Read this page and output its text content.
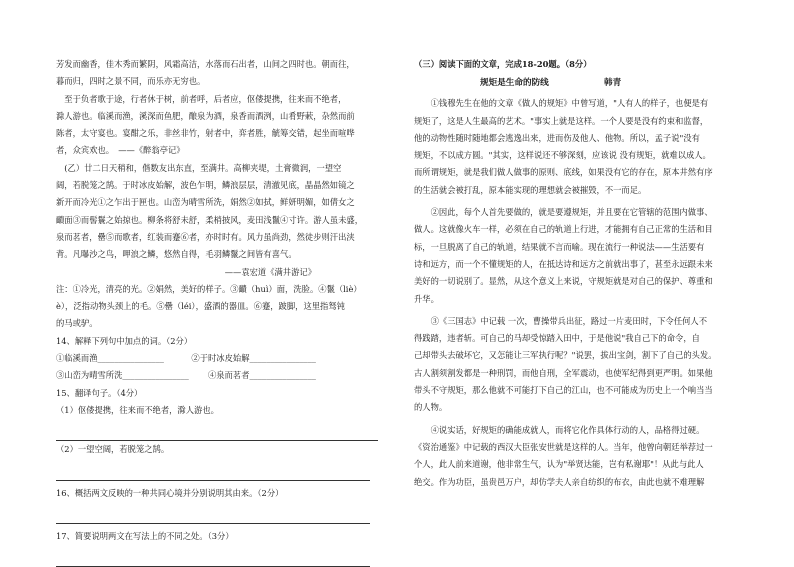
芳发而幽香，佳木秀而繁阴，风霜高洁，水落而石出者，山间之四时也。朝而往，
暮而归，四时之景不同，而乐亦无穷也。
　至于负者歌于途，行者休于树，前者呼，后者应，伛偻提携，往来而不绝者，
滁人游也。临溪而渔，溪深而鱼肥，酿泉为酒，泉香而酒洌，山肴野蔌，杂然而前
陈者，太守宴也。宴酣之乐，非丝非竹，射者中，弈者胜，觥筹交错，起坐而喧哗
者，众宾欢也。　——《醉翁亭记》
　(乙）廿二日天稍和，偕数友出东直，至满井。高柳夹堤，土膏微润，一望空
阔，若脱笼之鹄。于时冰皮始解，波色乍明，鳞浪层层，清澈见底，晶晶然如镜之
新开而冷光①之乍出于匣也。山峦为晴雪所洗，娟然②如拭，鲜妍明媚，如倩女之
靧面③而髻鬟之始掠也。柳条将舒未舒，柔梢披风，麦田浅鬣④寸许。游人虽未盛，
泉而茗者，罍⑤而歌者，红装而蹇⑥者，亦时时有。风力虽尚劲，然徒步则汗出浃
背。凡曝沙之鸟，呷浪之鳞，悠然自得，毛羽鳞鬣之间皆有喜气。
——袁宏道《满井游记》
注：①冷光，清亮的光。②娟然，美好的样子。③靧（huì）面，洗脸。④鬣（liè）
è），泛指动物头颈上的毛。⑤罍（léi），盛酒的器皿。⑥蹇，跛脚，这里指驽钝
的马或驴。
14、解释下列句中加点的词。（2分）
①临溪而渔________________　　　	②于时冰皮始解________________
③山峦为晴雪所洗________________　　 ④泉而茗者________________
15、翻译句子。（4分）
（1）伛偻提携，往来而不绝者，滁人游也。
（2）一望空阔，若脱笼之鹄。
16、概括两文反映的一种共同心境并分别说明其由来。（2分）
17、简要说明两文在写法上的不同之处。（3分）
（三）阅读下面的文章，完成18-20题。（8分）
规矩是生命的防线	韩青
　　①钱穆先生在他的文章《做人的规矩》中曾写道，"人有人的样子，也便是有
规矩了，这是人生最高的艺术。"事实上就是这样。一个人要是没有约束和监督，
他的动物性随时随地都会逃逸出来，进而伤及他人、他物。所以，孟子说"没有
规矩，不以成方圆。"其实，这样说还不够深刻，应该说 没有规矩，就难以成人。
而所谓规矩，就是我们做人做事的原则、底线，如果没有它的存在，原本井然有序
的生活就会被打乱，原本能实现的理想就会被摧毁，不一而足。
　　②因此，每个人首先要做的，就是要遵规矩，并且要在它管辖的范围内做事、
做人。这就像火车一样，必须在自己的轨道上行进，才能拥有自己正常的生活和目
标，一旦脱离了自己的轨道，结果就不言而喻。现在流行一种说法——生活要有
诗和远方，而一个不懂规矩的人，在抵达诗和远方之前就出事了，甚至永远跟未来
美好的一切说别了。显然，从这个意义上来说，守规矩就是对自己的保护、尊重和
升华。
　　③《三国志》中记载 一次，曹操带兵出征，路过一片麦田时，下令任何人不
得践踏，违者斩。可自己的马却受惊踏入田中，于是他说"我自己下的命令，自
己却带头去破坏它，又怎能让三军执行呢？"说罢，拔出宝剑，割下了自己的头发。
古人割须割发都是一种刑罚，而他自刑，全军震动，也使军纪得到更严明。如果他
带头不守规矩，那么他就不可能打下自己的江山，也不可能成为历史上一个响当当
的人物。
　　④说实话，好规矩的确能成就人，而将它化作具体行动的人，品格得过硬。
《资治通鉴》中记载的西汉大臣张安世就是这样的人。当年，他曾向朝廷举荐过一
个人，此人前来道谢，他非常生气，认为"举贤达能，岂有私谢耶"！从此与此人
绝交。作为功臣，虽贵邑万户，却仿学夫人亲自纺织的布衣，由此也就不难理解
